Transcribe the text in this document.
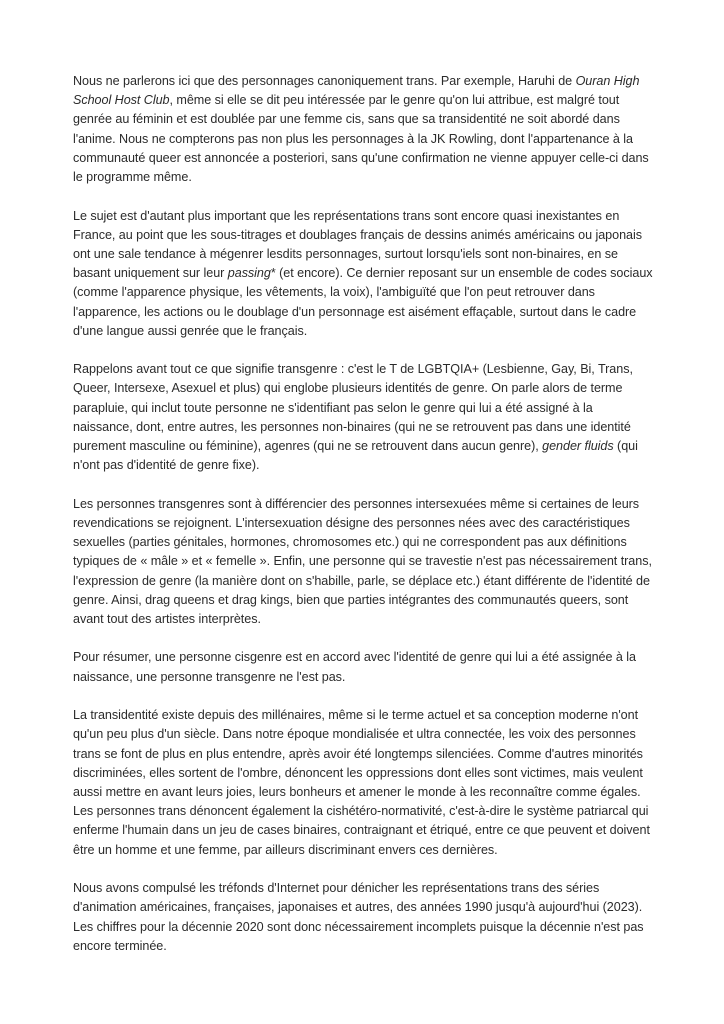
Nous ne parlerons ici que des personnages canoniquement trans. Par exemple, Haruhi de Ouran High School Host Club, même si elle se dit peu intéressée par le genre qu'on lui attribue, est malgré tout genrée au féminin et est doublée par une femme cis, sans que sa transidentité ne soit abordé dans l'anime. Nous ne compterons pas non plus les personnages à la JK Rowling, dont l'appartenance à la communauté queer est annoncée a posteriori, sans qu'une confirmation ne vienne appuyer celle-ci dans le programme même.

Le sujet est d'autant plus important que les représentations trans sont encore quasi inexistantes en France, au point que les sous-titrages et doublages français de dessins animés américains ou japonais ont une sale tendance à mégenrer lesdits personnages, surtout lorsqu'iels sont non-binaires, en se basant uniquement sur leur passing* (et encore). Ce dernier reposant sur un ensemble de codes sociaux (comme l'apparence physique, les vêtements, la voix), l'ambiguïté que l'on peut retrouver dans l'apparence, les actions ou le doublage d'un personnage est aisément effaçable, surtout dans le cadre d'une langue aussi genrée que le français.

Rappelons avant tout ce que signifie transgenre : c'est le T de LGBTQIA+ (Lesbienne, Gay, Bi, Trans, Queer, Intersexe, Asexuel et plus) qui englobe plusieurs identités de genre. On parle alors de terme parapluie, qui inclut toute personne ne s'identifiant pas selon le genre qui lui a été assigné à la naissance, dont, entre autres, les personnes non-binaires (qui ne se retrouvent pas dans une identité purement masculine ou féminine), agenres (qui ne se retrouvent dans aucun genre), gender fluids (qui n'ont pas d'identité de genre fixe).

Les personnes transgenres sont à différencier des personnes intersexuées même si certaines de leurs revendications se rejoignent. L'intersexuation désigne des personnes nées avec des caractéristiques sexuelles (parties génitales, hormones, chromosomes etc.) qui ne correspondent pas aux définitions typiques de « mâle » et « femelle ». Enfin, une personne qui se travestie n'est pas nécessairement trans, l'expression de genre (la manière dont on s'habille, parle, se déplace etc.) étant différente de l'identité de genre. Ainsi, drag queens et drag kings, bien que parties intégrantes des communautés queers, sont avant tout des artistes interprètes.

Pour résumer, une personne cisgenre est en accord avec l'identité de genre qui lui a été assignée à la naissance, une personne transgenre ne l'est pas.

La transidentité existe depuis des millénaires, même si le terme actuel et sa conception moderne n'ont qu'un peu plus d'un siècle. Dans notre époque mondialisée et ultra connectée, les voix des personnes trans se font de plus en plus entendre, après avoir été longtemps silenciées. Comme d'autres minorités discriminées, elles sortent de l'ombre, dénoncent les oppressions dont elles sont victimes, mais veulent aussi mettre en avant leurs joies, leurs bonheurs et amener le monde à les reconnaître comme égales. Les personnes trans dénoncent également la cishétéro-normativité, c'est-à-dire le système patriarcal qui enferme l'humain dans un jeu de cases binaires, contraignant et étriqué, entre ce que peuvent et doivent être un homme et une femme, par ailleurs discriminant envers ces dernières.

Nous avons compulsé les tréfonds d'Internet pour dénicher les représentations trans des séries d'animation américaines, françaises, japonaises et autres, des années 1990 jusqu'à aujourd'hui (2023). Les chiffres pour la décennie 2020 sont donc nécessairement incomplets puisque la décennie n'est pas encore terminée.
